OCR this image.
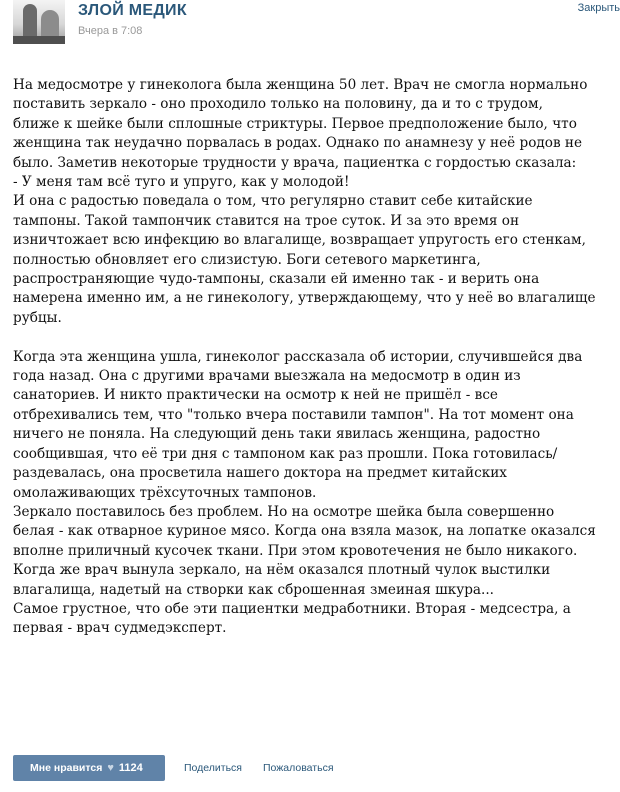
ЗЛОЙ МЕДИК
Вчера в 7:08
Закрыть

На медосмотре у гинеколога была женщина 50 лет. Врач не смогла нормально
поставить зеркало - оно проходило только на половину, да и то с трудом,
ближе к шейке были сплошные стриктуры. Первое предположение было, что
женщина так неудачно порвалась в родах. Однако по анамнезу у неё родов не
было. Заметив некоторые трудности у врача, пациентка с гордостью сказала:
- У меня там всё туго и упруго, как у молодой!
И она с радостью поведала о том, что регулярно ставит себе китайские
тампоны. Такой тампончик ставится на трое суток. И за это время он
изничтожает всю инфекцию во влагалище, возвращает упругость его стенкам,
полностью обновляет его слизистую. Боги сетевого маркетинга,
распространяющие чудо-тампоны, сказали ей именно так - и верить она
намерена именно им, а не гинекологу, утверждающему, что у неё во влагалище
рубцы.

Когда эта женщина ушла, гинеколог рассказала об истории, случившейся два
года назад. Она с другими врачами выезжала на медосмотр в один из
санаториев. И никто практически на осмотр к ней не пришёл - все
отбрехивались тем, что "только вчера поставили тампон". На тот момент она
ничего не поняла. На следующий день таки явилась женщина, радостно
сообщившая, что её три дня с тампоном как раз прошли. Пока готовилась/
раздевалась, она просветила нашего доктора на предмет китайских
омолаживающих трёхсуточных тампонов.
Зеркало поставилось без проблем. Но на осмотре шейка была совершенно
белая - как отварное куриное мясо. Когда она взяла мазок, на лопатке оказался
вполне приличный кусочек ткани. При этом кровотечения не было никакого.
Когда же врач вынула зеркало, на нём оказался плотный чулок выстилки
влагалища, надетый на створки как сброшенная змеиная шкура...
Самое грустное, что обе эти пациентки медработники. Вторая - медсестра, а
первая - врач судмедэксперт.

Мне нравится ♥ 1124	Поделиться Пожаловаться
